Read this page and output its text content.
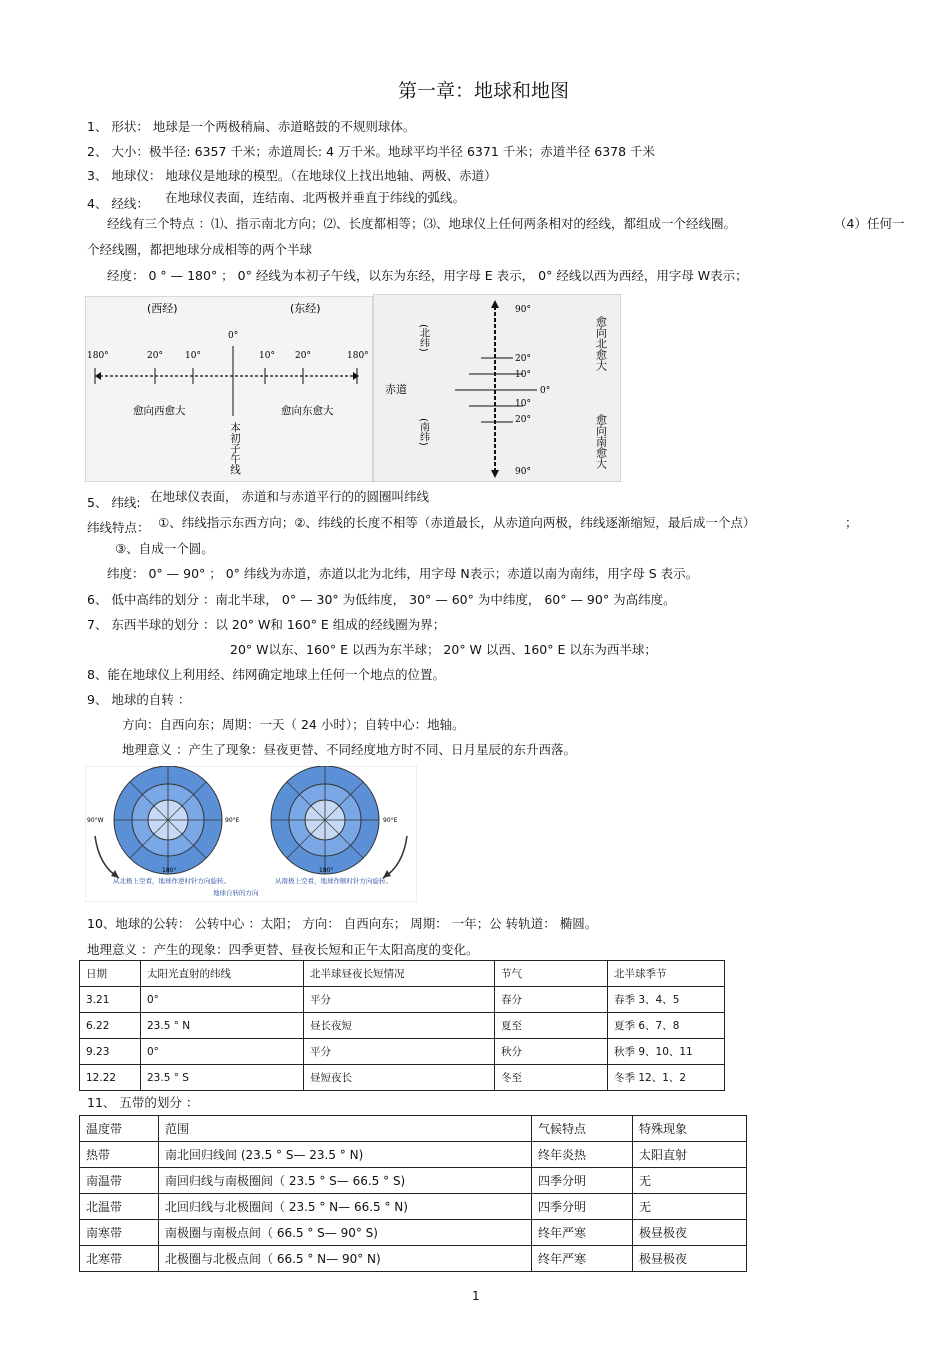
第一章：地球和地图
1、 形状： 地球是一个两极稍扁、赤道略鼓的不规则球体。
2、 大小：极半径: 6357 千米；赤道周长: 4 万千米。地球平均半径 6371 千米；赤道半径 6378 千米
3、 地球仪： 地球仪是地球的模型。（在地球仪上找出地轴、两极、赤道）
4、 经线： 在地球仪表面，连结南、北两极并垂直于纬线的弧线。
经线有三个特点 ：⑴、指示南北方向；⑵、长度都相等；⑶、地球仪上任何两条相对的经线，都组成一个经线圈。	（4）任何一
个经线圈，都把地球分成相等的两个半球
经度： 0 ° — 180° ； 0° 经线为本初子午线，以东为东经，用字母 E 表示， 0° 经线以西为西经，用字母 W表示；
(西经)	(东经)
180°	20° 10°
0°
10° 20°	180°
愈向西愈大	愈向东愈大
本初子午线
90°
20°
10°
0°
10°
20°
90°
赤道
(北纬)
(南纬)
愈向北愈大
愈向南愈大
5、 纬线: 在地球仪表面， 赤道和与赤道平行的的圆圈叫纬线
纬线特点： ①、纬线指示东西方向；②、纬线的长度不相等（赤道最长，从赤道向两极，纬线逐渐缩短，最后成一个点）	；
③、自成一个圆。
纬度： 0° — 90° ； 0° 纬线为赤道，赤道以北为北纬，用字母 N表示；赤道以南为南纬，用字母 S 表示。
6、 低中高纬的划分 ：南北半球， 0° — 30° 为低纬度， 30° — 60° 为中纬度， 60° — 90° 为高纬度。
7、 东西半球的划分 ：以 20° W和 160° E 组成的经线圈为界；
20° W以东、160° E 以西为东半球； 20° W 以西、160° E 以东为西半球；
8、能在地球仪上利用经、纬网确定地球上任何一个地点的位置。
9、 地球的自转 ：
方向：自西向东；周期：一天（ 24 小时）；自转中心：地轴。
地理意义 ：产生了现象：昼夜更替、不同经度地方时不同、日月星辰的东升西落。
90°W	90°E
180°	180°
90°E
从北极上空看，地球作逆时针方向旋转。	从南极上空看，地球作顺时针方向旋转。
地球自转的方向
10、地球的公转： 公转中心 ：太阳； 方向： 自西向东； 周期： 一年；公 转轨道： 椭圆。
地理意义 ：产生的现象：四季更替、昼夜长短和正午太阳高度的变化。
日期	太阳光直射的纬线	北半球昼夜长短情况	节气	北半球季节
3.21	0°	平分	春分	春季 3、4、5
6.22	23.5 ° N	昼长夜短	夏至	夏季 6、7、8
9.23	0°	平分	秋分	秋季 9、10、11
12.22	23.5 ° S	昼短夜长	冬至	冬季 12、1、2
11、 五带的划分 ：
温度带	范围	气候特点	特殊现象
热带	南北回归线间 (23.5 ° S— 23.5 ° N)	终年炎热	太阳直射
南温带	南回归线与南极圈间（ 23.5 ° S— 66.5 ° S)	四季分明	无
北温带	北回归线与北极圈间（ 23.5 ° N— 66.5 ° N)	四季分明	无
南寒带	南极圈与南极点间（ 66.5 ° S— 90° S)	终年严寒	极昼极夜
北寒带	北极圈与北极点间（ 66.5 ° N— 90° N)	终年严寒	极昼极夜
1
